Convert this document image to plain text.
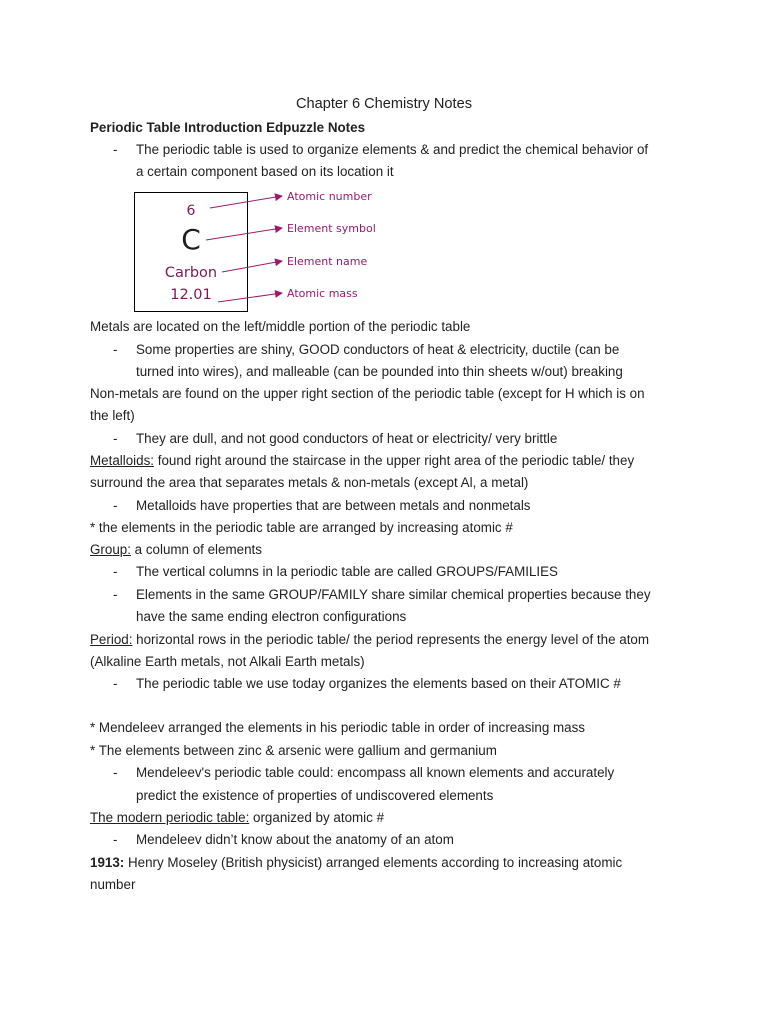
Chapter 6 Chemistry Notes
Periodic Table Introduction Edpuzzle Notes
- The periodic table is used to organize elements & and predict the chemical behavior of
a certain component based on its location it
6
C
Carbon
12.01
Atomic number
Element symbol
Element name
Atomic mass
Metals are located on the left/middle portion of the periodic table
- Some properties are shiny, GOOD conductors of heat & electricity, ductile (can be
turned into wires), and malleable (can be pounded into thin sheets w/out) breaking
Non-metals are found on the upper right section of the periodic table (except for H which is on
the left)
- They are dull, and not good conductors of heat or electricity/ very brittle
Metalloids: found right around the staircase in the upper right area of the periodic table/ they
surround the area that separates metals & non-metals (except Al, a metal)
- Metalloids have properties that are between metals and nonmetals
* the elements in the periodic table are arranged by increasing atomic #
Group: a column of elements
- The vertical columns in la periodic table are called GROUPS/FAMILIES
- Elements in the same GROUP/FAMILY share similar chemical properties because they
have the same ending electron configurations
Period: horizontal rows in the periodic table/ the period represents the energy level of the atom
(Alkaline Earth metals, not Alkali Earth metals)
- The periodic table we use today organizes the elements based on their ATOMIC #
* Mendeleev arranged the elements in his periodic table in order of increasing mass
* The elements between zinc & arsenic were gallium and germanium
- Mendeleev's periodic table could: encompass all known elements and accurately
predict the existence of properties of undiscovered elements
The modern periodic table: organized by atomic #
- Mendeleev didn’t know about the anatomy of an atom
1913: Henry Moseley (British physicist) arranged elements according to increasing atomic
number
